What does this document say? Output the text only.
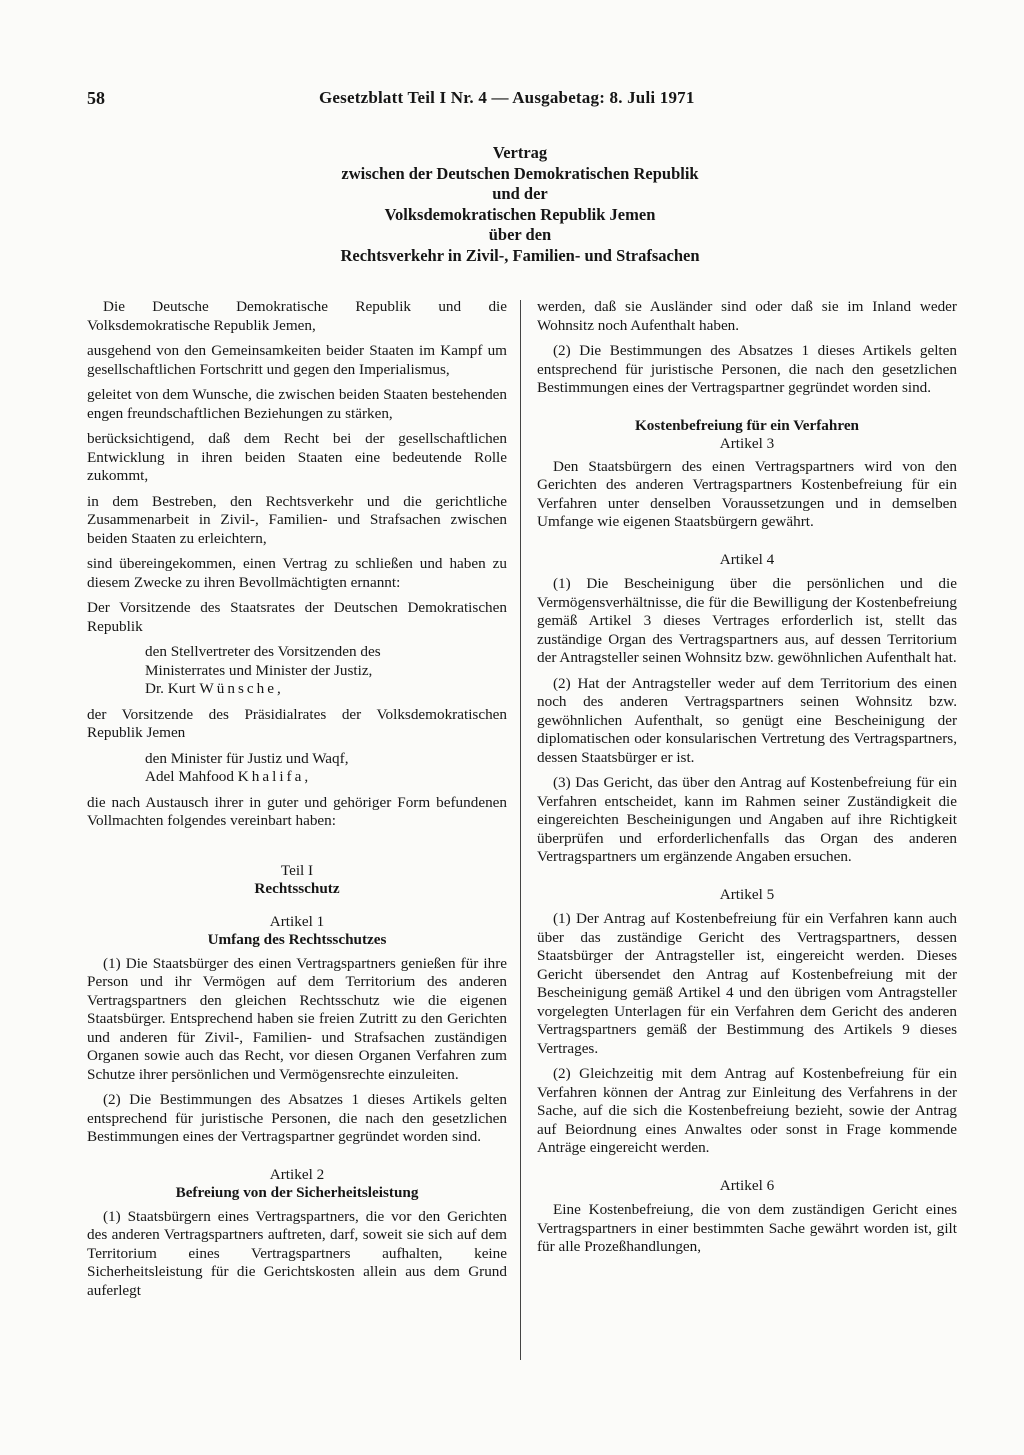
58	Gesetzblatt Teil I Nr. 4 — Ausgabetag: 8. Juli 1971
Vertrag
zwischen der Deutschen Demokratischen Republik
und der
Volksdemokratischen Republik Jemen
über den
Rechtsverkehr in Zivil-, Familien- und Strafsachen

Die Deutsche Demokratische Republik und die Volksdemokratische Republik Jemen,

ausgehend von den Gemeinsamkeiten beider Staaten im Kampf um gesellschaftlichen Fortschritt und gegen den Imperialismus,

geleitet von dem Wunsche, die zwischen beiden Staaten bestehenden engen freundschaftlichen Beziehungen zu stärken,

berücksichtigend, daß dem Recht bei der gesellschaftlichen Entwicklung in ihren beiden Staaten eine bedeutende Rolle zukommt,

in dem Bestreben, den Rechtsverkehr und die gerichtliche Zusammenarbeit in Zivil-, Familien- und Strafsachen zwischen beiden Staaten zu erleichtern,

sind übereingekommen, einen Vertrag zu schließen und haben zu diesem Zwecke zu ihren Bevollmächtigten ernannt:

Der Vorsitzende des Staatsrates der Deutschen Demokratischen Republik

den Stellvertreter des Vorsitzenden des
Ministerrates und Minister der Justiz,
Dr. Kurt Wünsche,

der Vorsitzende des Präsidialrates der Volksdemokratischen Republik Jemen

den Minister für Justiz und Waqf,
Adel Mahfood Khalifa,

die nach Austausch ihrer in guter und gehöriger Form befundenen Vollmachten folgendes vereinbart haben:

Teil I
Rechtsschutz
Artikel 1
Umfang des Rechtsschutzes

(1) Die Staatsbürger des einen Vertragspartners genießen für ihre Person und ihr Vermögen auf dem Territorium des anderen Vertragspartners den gleichen Rechtsschutz wie die eigenen Staatsbürger. Entsprechend haben sie freien Zutritt zu den Gerichten und anderen für Zivil-, Familien- und Strafsachen zuständigen Organen sowie auch das Recht, vor diesen Organen Verfahren zum Schutze ihrer persönlichen und Vermögensrechte einzuleiten.

(2) Die Bestimmungen des Absatzes 1 dieses Artikels gelten entsprechend für juristische Personen, die nach den gesetzlichen Bestimmungen eines der Vertragspartner gegründet worden sind.

Artikel 2
Befreiung von der Sicherheitsleistung

(1) Staatsbürgern eines Vertragspartners, die vor den Gerichten des anderen Vertragspartners auftreten, darf, soweit sie sich auf dem Territorium eines Vertragspartners aufhalten, keine Sicherheitsleistung für die Gerichtskosten allein aus dem Grund auferlegt

werden, daß sie Ausländer sind oder daß sie im Inland weder Wohnsitz noch Aufenthalt haben.

(2) Die Bestimmungen des Absatzes 1 dieses Artikels gelten entsprechend für juristische Personen, die nach den gesetzlichen Bestimmungen eines der Vertragspartner gegründet worden sind.

Kostenbefreiung für ein Verfahren
Artikel 3

Den Staatsbürgern des einen Vertragspartners wird von den Gerichten des anderen Vertragspartners Kostenbefreiung für ein Verfahren unter denselben Voraussetzungen und in demselben Umfange wie eigenen Staatsbürgern gewährt.

Artikel 4

(1) Die Bescheinigung über die persönlichen und die Vermögensverhältnisse, die für die Bewilligung der Kostenbefreiung gemäß Artikel 3 dieses Vertrages erforderlich ist, stellt das zuständige Organ des Vertragspartners aus, auf dessen Territorium der Antragsteller seinen Wohnsitz bzw. gewöhnlichen Aufenthalt hat.

(2) Hat der Antragsteller weder auf dem Territorium des einen noch des anderen Vertragspartners seinen Wohnsitz bzw. gewöhnlichen Aufenthalt, so genügt eine Bescheinigung der diplomatischen oder konsularischen Vertretung des Vertragspartners, dessen Staatsbürger er ist.

(3) Das Gericht, das über den Antrag auf Kostenbefreiung für ein Verfahren entscheidet, kann im Rahmen seiner Zuständigkeit die eingereichten Bescheinigungen und Angaben auf ihre Richtigkeit überprüfen und erforderlichenfalls das Organ des anderen Vertragspartners um ergänzende Angaben ersuchen.

Artikel 5

(1) Der Antrag auf Kostenbefreiung für ein Verfahren kann auch über das zuständige Gericht des Vertragspartners, dessen Staatsbürger der Antragsteller ist, eingereicht werden. Dieses Gericht übersendet den Antrag auf Kostenbefreiung mit der Bescheinigung gemäß Artikel 4 und den übrigen vom Antragsteller vorgelegten Unterlagen für ein Verfahren dem Gericht des anderen Vertragspartners gemäß der Bestimmung des Artikels 9 dieses Vertrages.

(2) Gleichzeitig mit dem Antrag auf Kostenbefreiung für ein Verfahren können der Antrag zur Einleitung des Verfahrens in der Sache, auf die sich die Kostenbefreiung bezieht, sowie der Antrag auf Beiordnung eines Anwaltes oder sonst in Frage kommende Anträge eingereicht werden.

Artikel 6

Eine Kostenbefreiung, die von dem zuständigen Gericht eines Vertragspartners in einer bestimmten Sache gewährt worden ist, gilt für alle Prozeßhandlungen,
